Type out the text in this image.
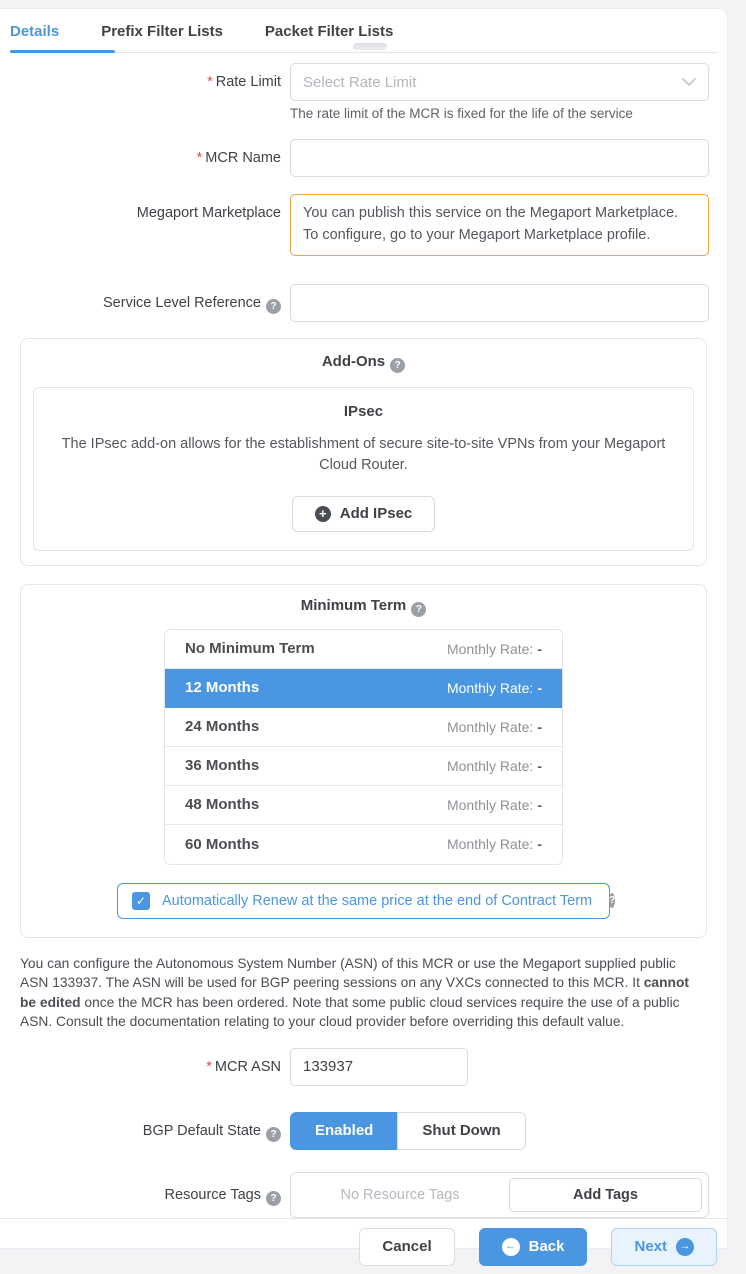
Details	Prefix Filter Lists	Packet Filter Lists
* Rate Limit	Select Rate Limit
The rate limit of the MCR is fixed for the life of the service
* MCR Name
Megaport Marketplace	You can publish this service on the Megaport Marketplace. To configure, go to your Megaport Marketplace profile.
Service Level Reference ?
Add-Ons ?
IPsec
The IPsec add-on allows for the establishment of secure site-to-site VPNs from your Megaport Cloud Router.
+ Add IPsec
Minimum Term ?
No Minimum Term	Monthly Rate: -
12 Months	Monthly Rate: -
24 Months	Monthly Rate: -
36 Months	Monthly Rate: -
48 Months	Monthly Rate: -
60 Months	Monthly Rate: -
✓ Automatically Renew at the same price at the end of Contract Term ?

You can configure the Autonomous System Number (ASN) of this MCR or use the Megaport supplied public ASN 133937. The ASN will be used for BGP peering sessions on any VXCs connected to this MCR. It cannot be edited once the MCR has been ordered. Note that some public cloud services require the use of a public ASN. Consult the documentation relating to your cloud provider before overriding this default value.

* MCR ASN
133937
BGP Default State ?	Enabled	Shut Down
Resource Tags ?	No Resource Tags	Add Tags
Cancel	← Back	Next	→
